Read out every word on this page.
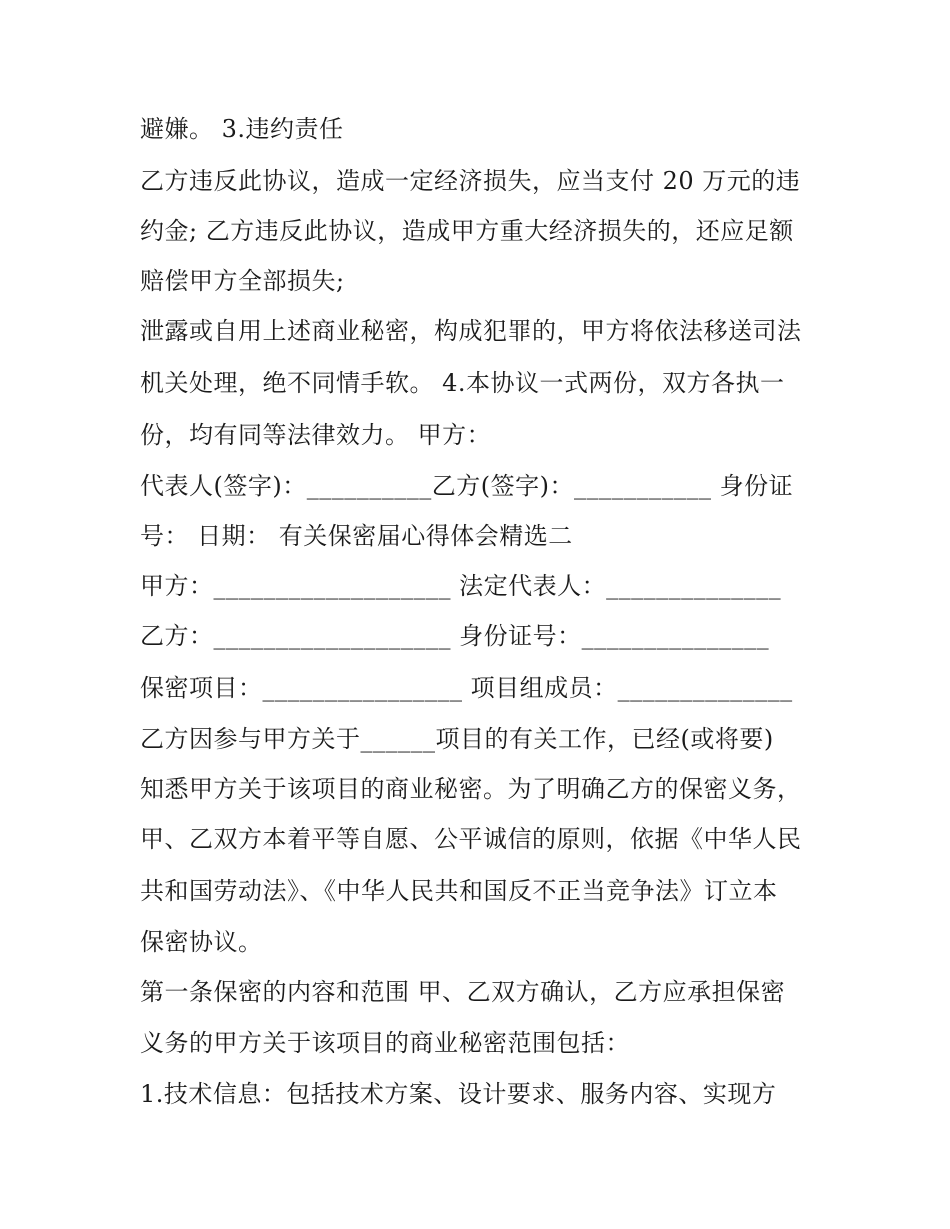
避嫌。 3.违约责任
乙方违反此协议，造成一定经济损失，应当支付 20 万元的违
约金; 乙方违反此协议，造成甲方重大经济损失的，还应足额
赔偿甲方全部损失;
泄露或自用上述商业秘密，构成犯罪的，甲方将依法移送司法
机关处理，绝不同情手软。 4.本协议一式两份，双方各执一
份，均有同等法律效力。 甲方：
代表人(签字)：__________乙方(签字)：___________ 身份证
号： 日期： 有关保密届心得体会精选二
甲方：___________________ 法定代表人：______________
乙方：___________________ 身份证号：_______________
保密项目：________________ 项目组成员：______________
乙方因参与甲方关于______项目的有关工作，已经(或将要)
知悉甲方关于该项目的商业秘密。为了明确乙方的保密义务，
甲、乙双方本着平等自愿、公平诚信的原则，依据《中华人民
共和国劳动法》、《中华人民共和国反不正当竞争法》订立本
保密协议。
第一条保密的内容和范围 甲、乙双方确认，乙方应承担保密
义务的甲方关于该项目的商业秘密范围包括：
1.技术信息：包括技术方案、设计要求、服务内容、实现方
